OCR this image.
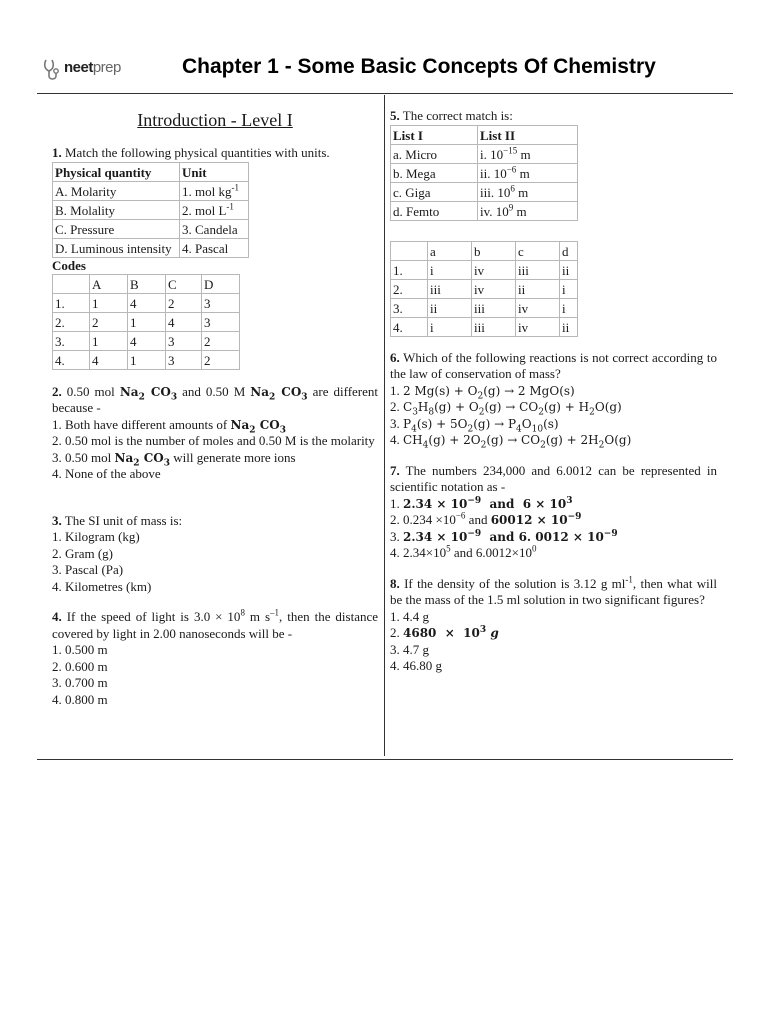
neetprep	Chapter 1 - Some Basic Concepts Of Chemistry
Introduction - Level I

1. Match the following physical quantities with units.

Physical quantity	Unit
A. Molarity	1. mol $kg^{-1}$
B. Molality	2. mol $L^{-1}$
C. Pressure	3. Candela
D. Luminous intensity	4. Pascal

Codes

	A	B	C	D
1.	1	4	2	3
2.	2	1	4	3
3.	1	4	3	2
4.	4	1	3	2

2. 0.50 mol $Na_2$ $CO_3$ and 0.50 M $Na_2$ $CO_3$ are different because -

1. Both have different amounts of $Na_2$ $CO_3$

2. 0.50 mol is the number of moles and 0.50 M is the molarity

3. 0.50 mol $Na_2$ $CO_3$ will generate more ions

4. None of the above

3. The SI unit of mass is:

1. Kilogram (kg)

2. Gram (g)

3. Pascal (Pa)

4. Kilometres (km)

4. If the speed of light is $3.0 \times 10^8$ m $s^{-1}$, then the distance covered by light in 2.00 nanoseconds will be -

1. 0.500 m

2. 0.600 m

3. 0.700 m

4. 0.800 m

5. The correct match is:

List I	List II
a. Micro	i. $10^{-15}$ m
b. Mega	ii. $10^{-6}$ m
c. Giga	iii. $10^6$ m
d. Femto	iv. $10^9$ m
	a	b	c	d
1.	i	iv	iii	ii
2.	iii	iv	ii	i
3.	ii	iii	iv	i
4.	i	iii	iv	ii

6. Which of the following reactions is not correct according to the law of conservation of mass?

1. 2 $Mg(s) + O_2(g) \to 2$ MgO(s)

2. $C_3H_8(g) + O_2(g) \to CO_2(g) + H_2O(g)$

3. $P_4(s) + 5O_2(g) \to P_4O_{10}(s)$

4. $CH_4(g) + 2O_2(g) \to CO_2(g) + 2H_2O(g)$

7. The numbers 234,000 and 6.0012 can be represented in scientific notation as -

1. $2.34 \times 10^{-9}$  and  $6 \times 10^3$

2. $0.234 \times 10^{-6}$ and $60012 \times 10^{-9}$

3. $2.34 \times 10^{-9}$  and 6. $0012 \times 10^{-9}$

4. $2.34\times 10^5$ and $6.0012\times 10^0$

8. If the density of the solution is 3.12 g $ml^{-1}$, then what will be the mass of the 1.5 ml solution in two significant figures?

1. 4.4 g

2. $4680 \times 10^3$ g

3. 4.7 g

4. 46.80 g
